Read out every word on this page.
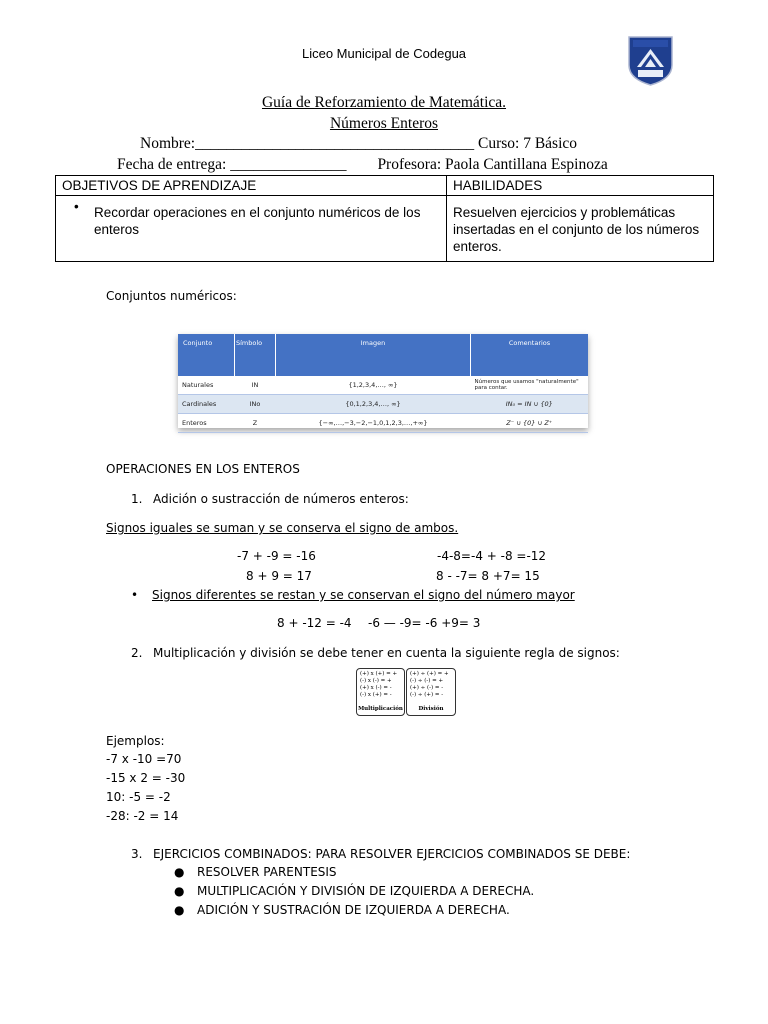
Liceo Municipal de Codegua
Guía de Reforzamiento de Matemática.
Números Enteros
Nombre:____________________________________ Curso: 7 Básico
Fecha de entrega: _______________ Profesora: Paola Cantillana Espinoza
OBJETIVOS DE APRENDIZAJE	HABILIDADES

• Recordar operaciones en el conjunto numéricos de los enteros	Resuelven ejercicios y problemáticas insertadas en el conjunto de los números enteros.
Conjuntos numéricos:
Conjunto	Símbolo	Imagen	Comentarios
Naturales	IN	{1,2,3,4,…, ∞}	Números que usamos "naturalmente" para contar.
Cardinales	INo	{0,1,2,3,4,…, ∞}	IN₀ = IN ∪ {0}
Enteros	Z	{−∞,…,−3,−2,−1,0,1,2,3,…,+∞}	Z⁻ ∪ {0} ∪ Z⁺
OPERACIONES EN LOS ENTEROS
1. Adición o sustracción de números enteros:
Signos iguales se suman y se conserva el signo de ambos.
-7 + -9 = -16	-4-8=-4 + -8 =-12
8 + 9 = 17	8 - -7= 8 +7= 15
• Signos diferentes se restan y se conservan el signo del número mayor
8 + -12 = -4 -6 — -9= -6 +9= 3
2. Multiplicación y división se debe tener en cuenta la siguiente regla de signos:
(+) x (+) = +
(-) x (-) = +
(+) x (-) = -
(-) x (+) = -
Multiplicación
(+) ÷ (+) = +
(-) ÷ (-) = +
(+) ÷ (-) = -
(-) ÷ (+) = -
División
Ejemplos:
-7 x -10 =70
-15 x 2 = -30
10: -5 = -2
-28: -2 = 14
3. EJERCICIOS COMBINADOS: PARA RESOLVER EJERCICIOS COMBINADOS SE DEBE:
● RESOLVER PARENTESIS
● MULTIPLICACIÓN Y DIVISIÓN DE IZQUIERDA A DERECHA.
● ADICIÓN Y SUSTRACIÓN DE IZQUIERDA A DERECHA.
